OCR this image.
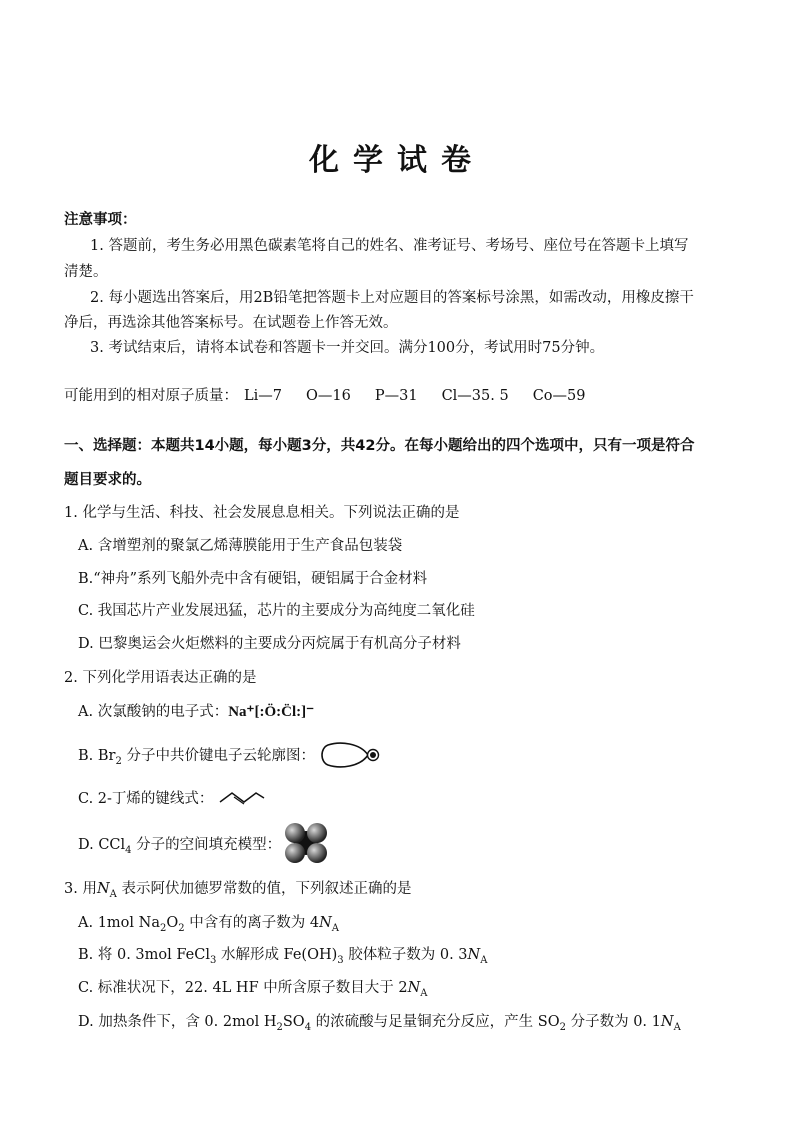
化学试卷
注意事项：
1. 答题前，考生务必用黑色碳素笔将自己的姓名、准考证号、考场号、座位号在答题卡上填写
清楚。
2. 每小题选出答案后，用2B铅笔把答题卡上对应题目的答案标号涂黑，如需改动，用橡皮擦干
净后，再选涂其他答案标号。在试题卷上作答无效。
3. 考试结束后，请将本试卷和答题卡一并交回。满分100分，考试用时75分钟。
可能用到的相对原子质量： Li—7 O—16 P—31 Cl—35. 5 Co—59
一、选择题：本题共14小题，每小题3分，共42分。在每小题给出的四个选项中，只有一项是符合
题目要求的。
1. 化学与生活、科技、社会发展息息相关。下列说法正确的是
A. 含增塑剂的聚氯乙烯薄膜能用于生产食品包装袋
B.“神舟”系列飞船外壳中含有硬铝，硬铝属于合金材料
C. 我国芯片产业发展迅猛，芯片的主要成分为高纯度二氧化硅
D. 巴黎奥运会火炬燃料的主要成分丙烷属于有机高分子材料
2. 下列化学用语表达正确的是
A. 次氯酸钠的电子式：Na⁺[:Ö:C̈l:]⁻
B. $Br_2$ 分子中共价键电子云轮廓图：
C. 2-丁烯的键线式：
D. CCl$_4$ 分子的空间填充模型：
3. 用$N_A$ 表示阿伏加德罗常数的值，下列叙述正确的是
A. 1mol $Na_2O_2$ 中含有的离子数为 $4N_A$
B. 将 0. 3mol FeCl$_3$ 水解形成 $Fe(OH)_3$ 胶体粒子数为 0. $3N_A$
C. 标准状况下，22. 4L HF 中所含原子数目大于 $2N_A$
D. 加热条件下，含 0. 2mol $H_2SO_4$ 的浓硫酸与足量铜充分反应，产生 $SO_2$ 分子数为 0. $1N_A$
